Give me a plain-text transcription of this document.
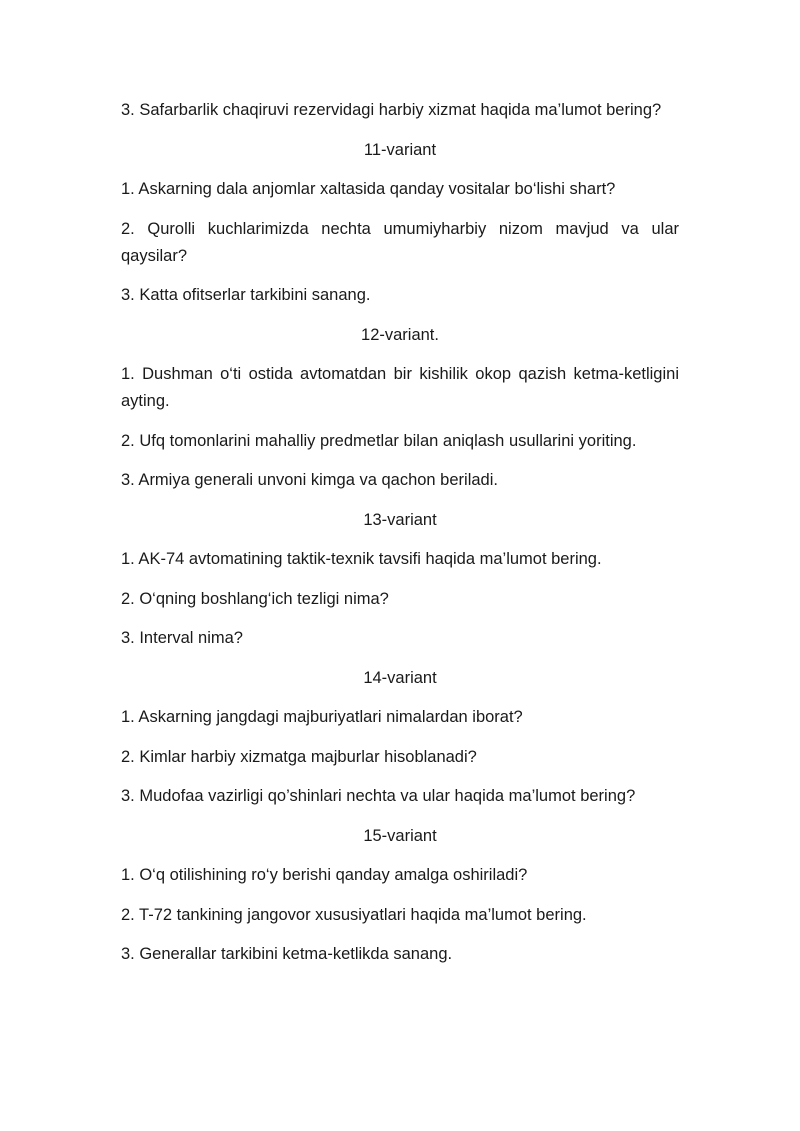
3. Safarbarlik chaqiruvi rezervidagi harbiy xizmat haqida ma’lumot bering?

11-variant

1. Askarning dala anjomlar xaltasida qanday vositalar bo‘lishi shart?

2. Qurolli kuchlarimizda nechta umumiyharbiy nizom mavjud va ular qaysilar?

3. Katta ofitserlar tarkibini sanang.

12-variant.

1. Dushman o‘ti ostida avtomatdan bir kishilik okop qazish ketma-ketligini ayting.

2. Ufq tomonlarini mahalliy predmetlar bilan aniqlash usullarini yoriting.

3. Armiya generali unvoni kimga va qachon beriladi.

13-variant

1. AK-74 avtomatining taktik-texnik tavsifi haqida ma’lumot bering.

2. O‘qning boshlang‘ich tezligi nima?

3. Interval nima?

14-variant

1. Askarning jangdagi majburiyatlari nimalardan iborat?

2. Kimlar harbiy xizmatga majburlar hisoblanadi?

3. Mudofaa vazirligi qo’shinlari nechta va ular haqida ma’lumot bering?

15-variant

1. O‘q otilishining ro‘y berishi qanday amalga oshiriladi?

2. T-72 tankining jangovor xususiyatlari haqida ma’lumot bering.

3. Generallar tarkibini ketma-ketlikda sanang.
